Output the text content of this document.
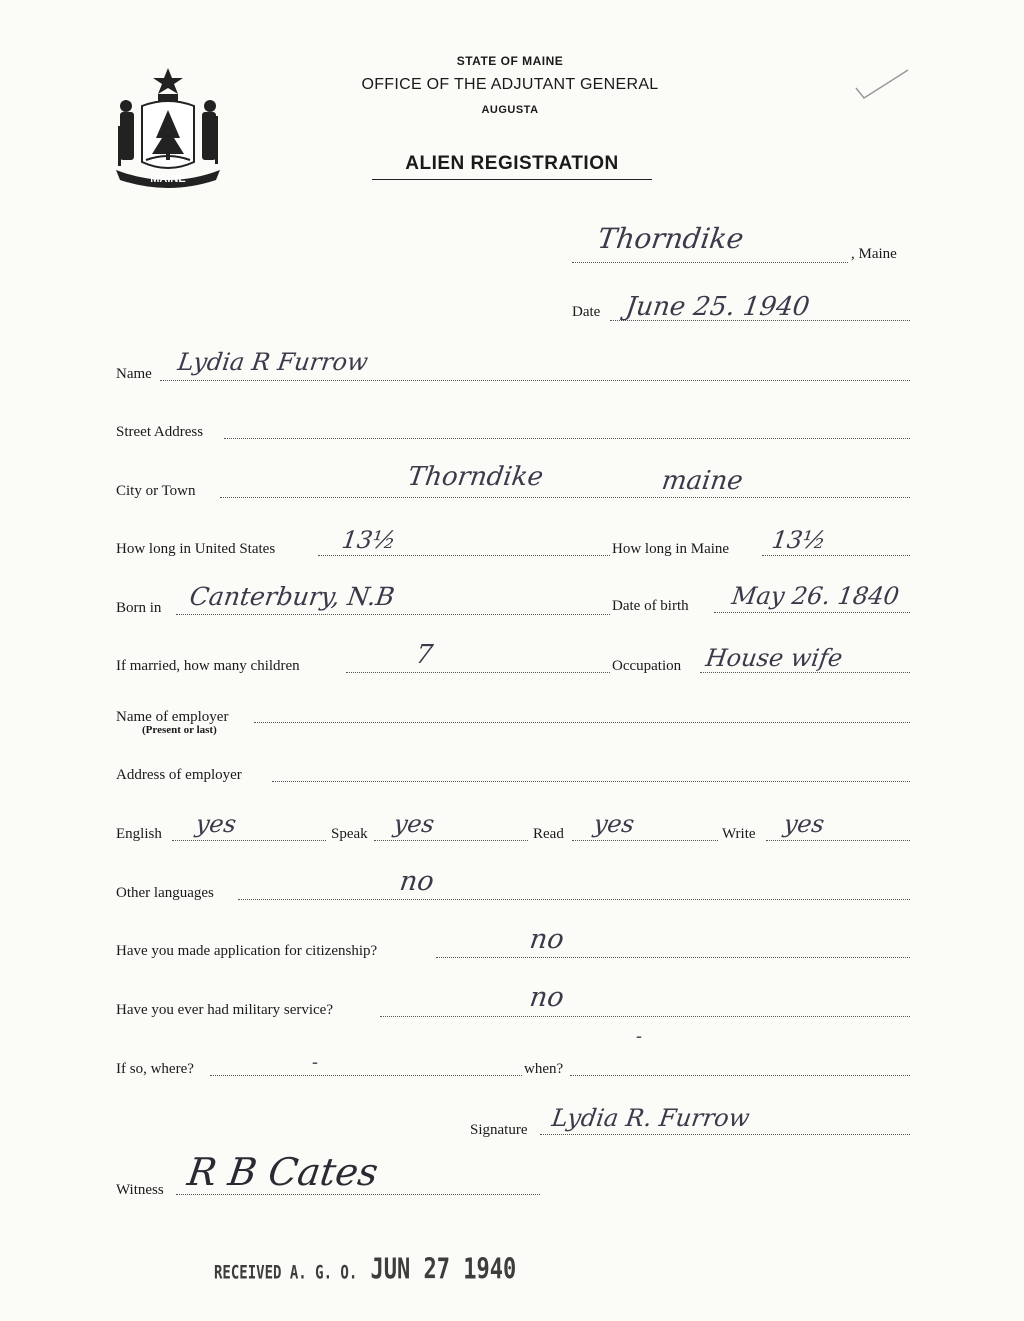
MAINE
STATE OF MAINE
OFFICE OF THE ADJUTANT GENERAL
AUGUSTA
ALIEN REGISTRATION
Thorndike	, Maine
Date June 25. 1940
Name Lydia R Furrow
Street Address
City or Town	Thorndike	maine
How long in United States	13½	How long in Maine 13½
Born in Canterbury, N.B	Date of birth May 26. 1840
If married, how many children	7	Occupation House wife
Name of employer
(Present or last)
Address of employer
English yes	Speak yes	Read yes	Write yes
Other languages	no
Have you made application for citizenship?	no
Have you ever had military service?	no
If so, where?	-	when?
-
Signature Lydia R. Furrow
Witness R B Cates
RECEIVED A. G. O. JUN 27 1940
